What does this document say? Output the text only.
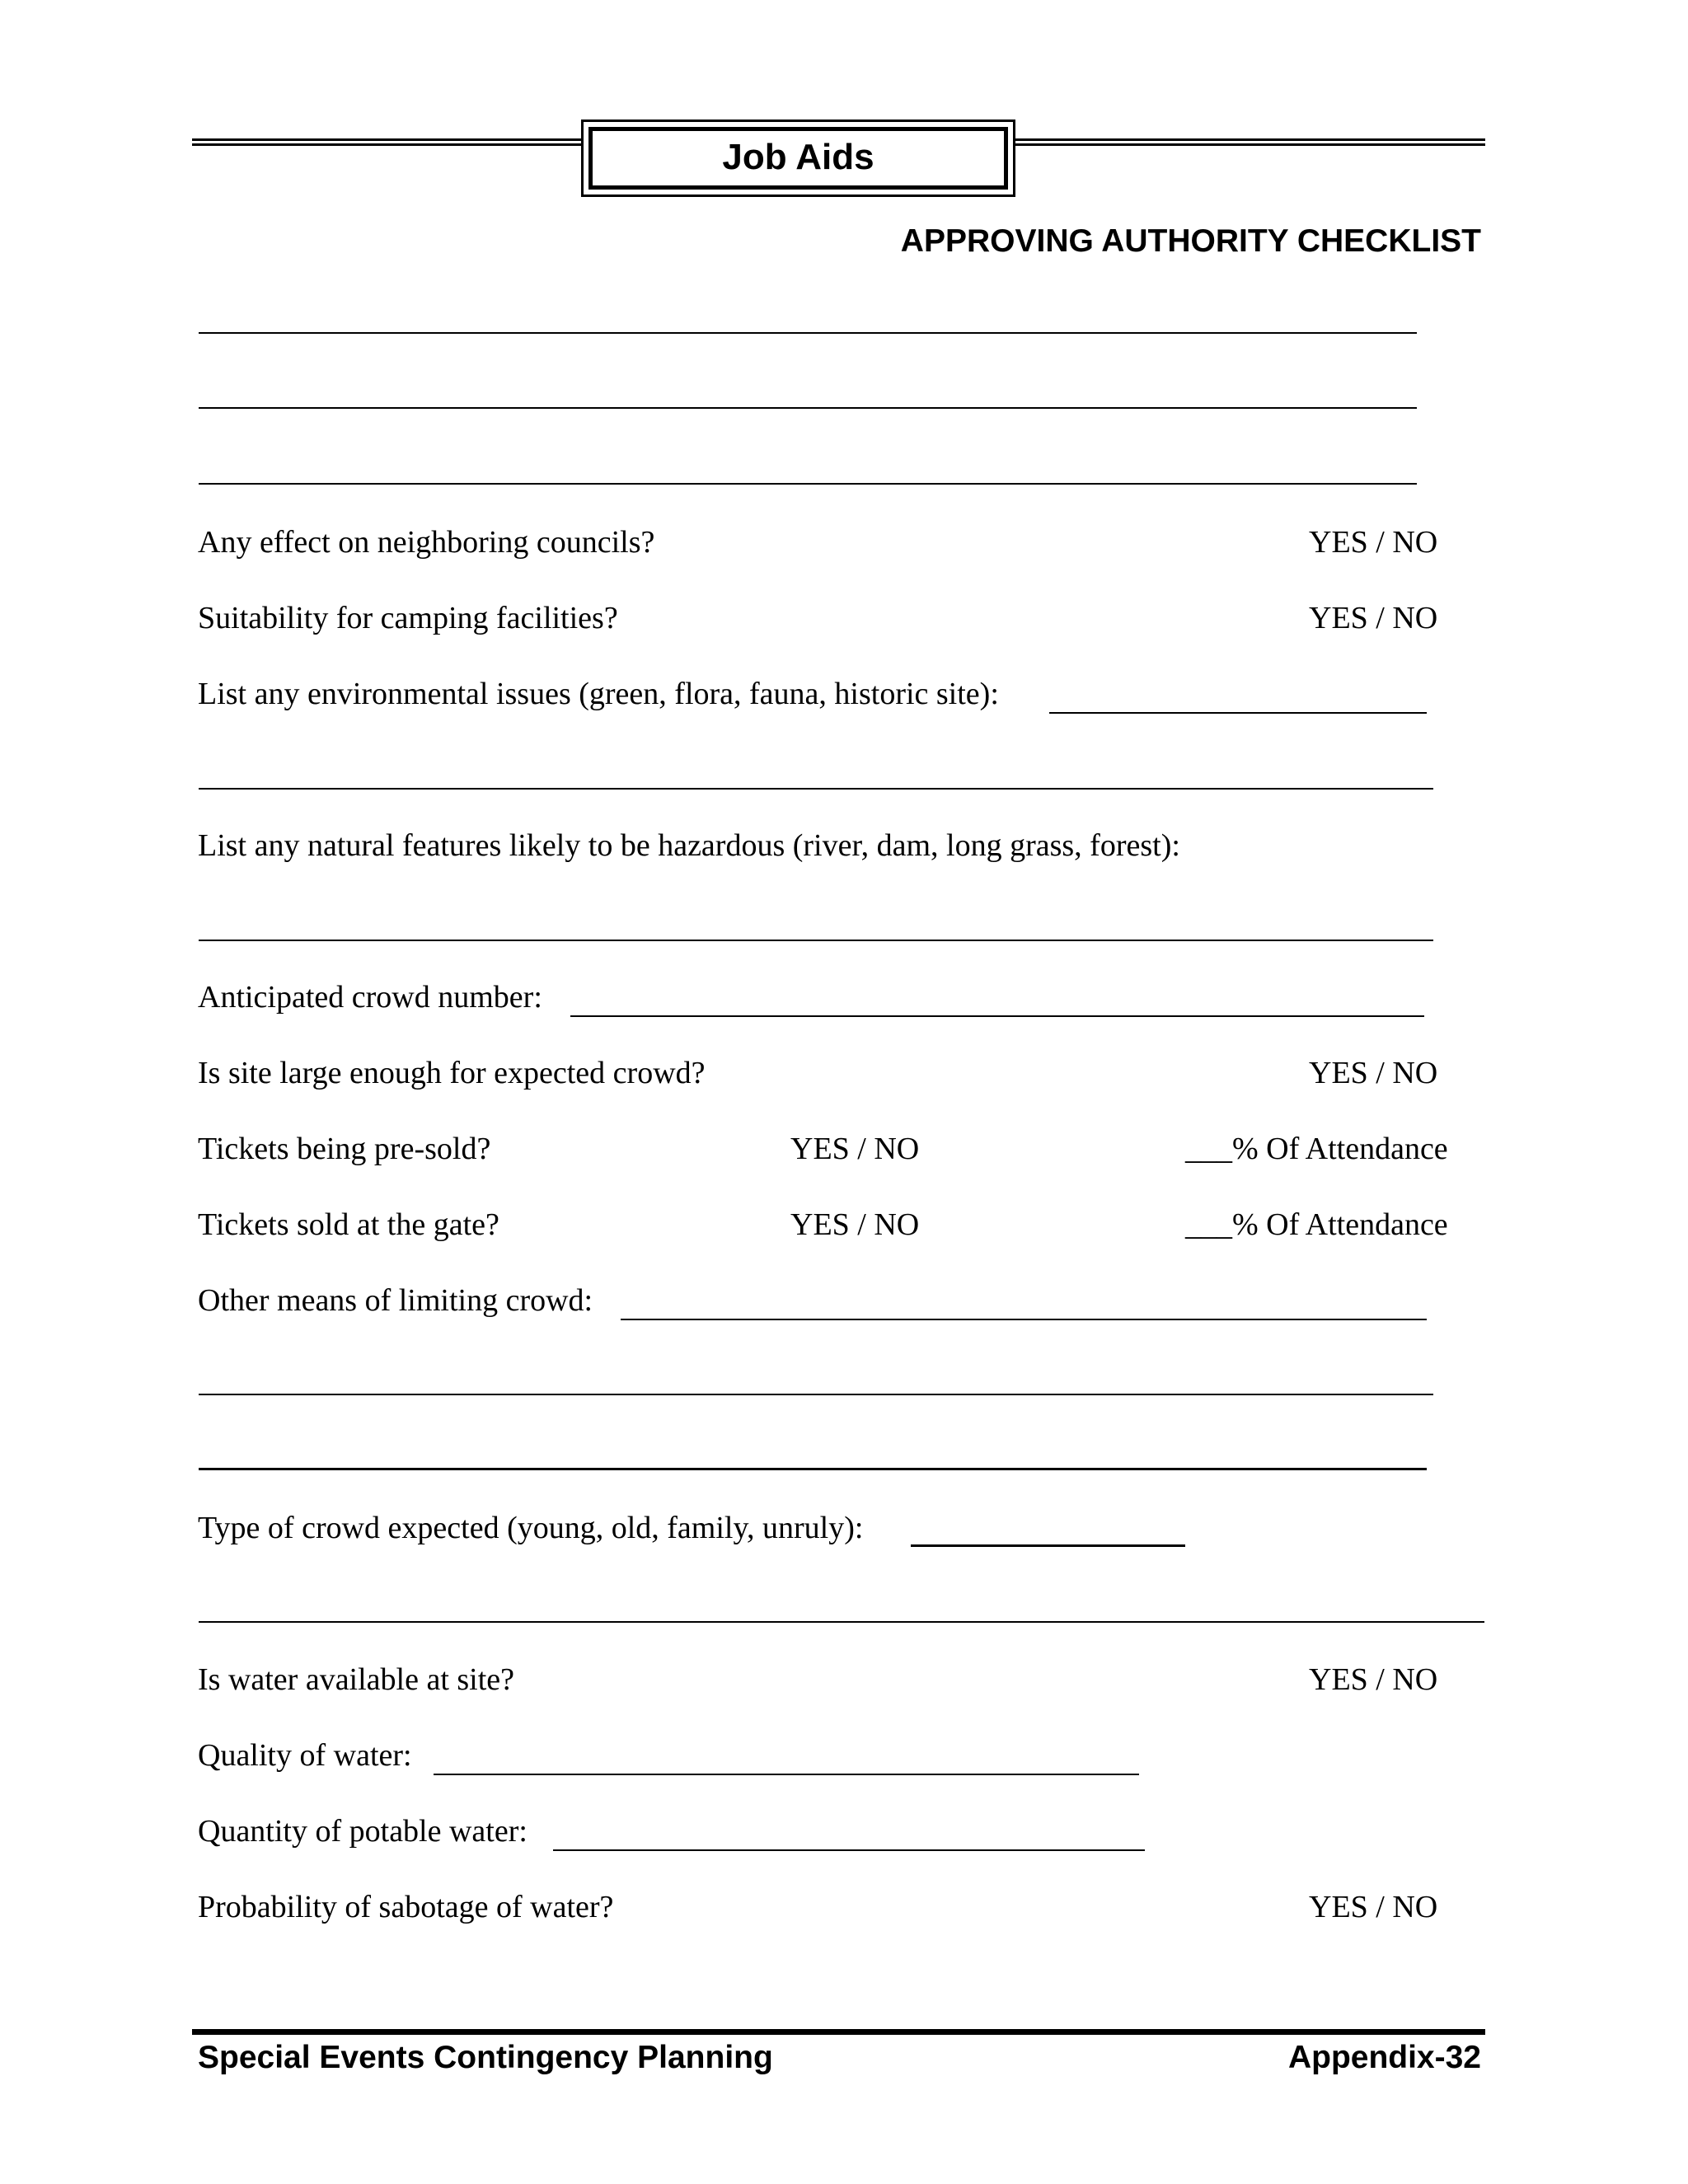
Job Aids
APPROVING AUTHORITY CHECKLIST
Any effect on neighboring councils?	YES / NO
Suitability for camping facilities?	YES / NO
List any environmental issues (green, flora, fauna, historic site):
List any natural features likely to be hazardous (river, dam, long grass, forest):
Anticipated crowd number:
Is site large enough for expected crowd?	YES / NO
Tickets being pre-sold?	YES / NO	___% Of Attendance
Tickets sold at the gate?	YES / NO	___% Of Attendance
Other means of limiting crowd:
Type of crowd expected (young, old, family, unruly):
Is water available at site?	YES / NO
Quality of water:
Quantity of potable water:
Probability of sabotage of water?	YES / NO
Special Events Contingency Planning	Appendix-32
